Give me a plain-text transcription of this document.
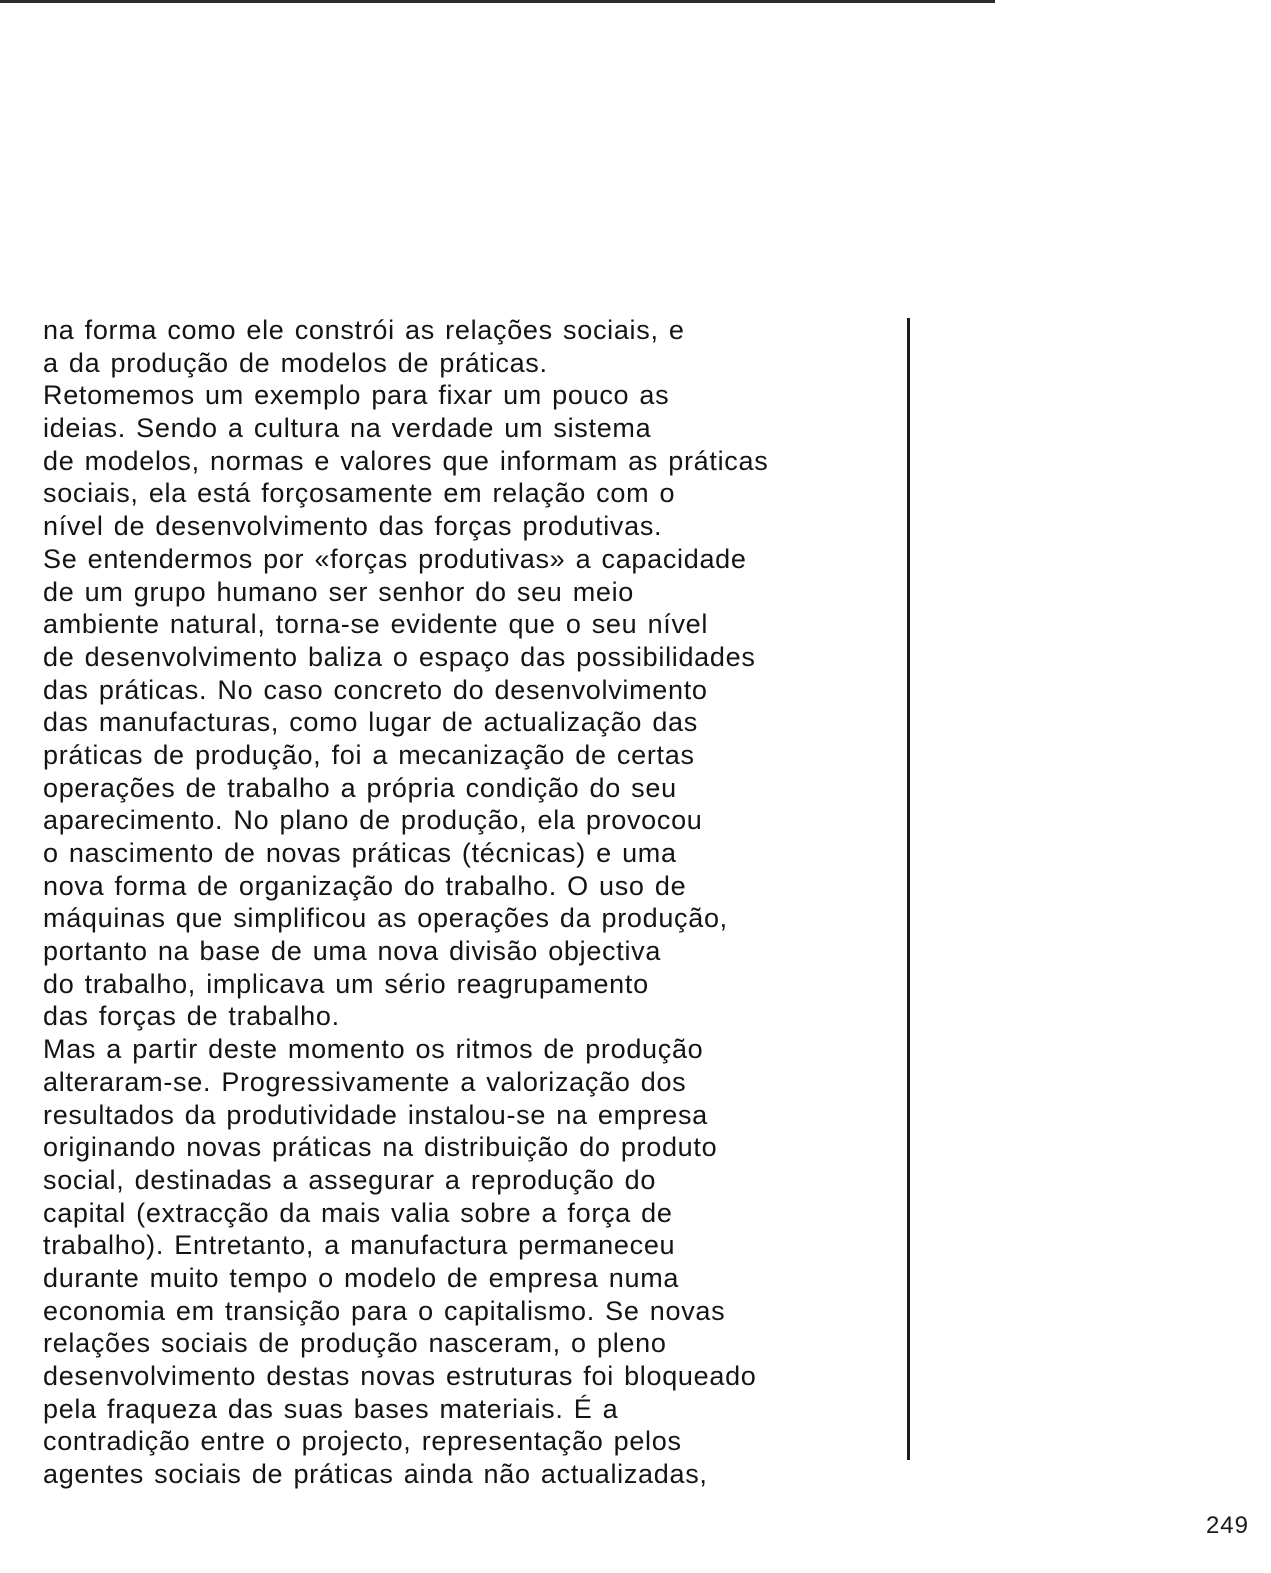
na forma como ele constrói as relações sociais, e
a da produção de modelos de práticas.
Retomemos um exemplo para fixar um pouco as
ideias. Sendo a cultura na verdade um sistema
de modelos, normas e valores que informam as práticas
sociais, ela está forçosamente em relação com o
nível de desenvolvimento das forças produtivas.
Se entendermos por «forças produtivas» a capacidade
de um grupo humano ser senhor do seu meio
ambiente natural, torna-se evidente que o seu nível
de desenvolvimento baliza o espaço das possibilidades
das práticas. No caso concreto do desenvolvimento
das manufacturas, como lugar de actualização das
práticas de produção, foi a mecanização de certas
operações de trabalho a própria condição do seu
aparecimento. No plano de produção, ela provocou
o nascimento de novas práticas (técnicas) e uma
nova forma de organização do trabalho. O uso de
máquinas que simplificou as operações da produção,
portanto na base de uma nova divisão objectiva
do trabalho, implicava um sério reagrupamento
das forças de trabalho.
Mas a partir deste momento os ritmos de produção
alteraram-se. Progressivamente a valorização dos
resultados da produtividade instalou-se na empresa
originando novas práticas na distribuição do produto
social, destinadas a assegurar a reprodução do
capital (extracção da mais valia sobre a força de
trabalho). Entretanto, a manufactura permaneceu
durante muito tempo o modelo de empresa numa
economia em transição para o capitalismo. Se novas
relações sociais de produção nasceram, o pleno
desenvolvimento destas novas estruturas foi bloqueado
pela fraqueza das suas bases materiais. É a
contradição entre o projecto, representação pelos
agentes sociais de práticas ainda não actualizadas,
249
